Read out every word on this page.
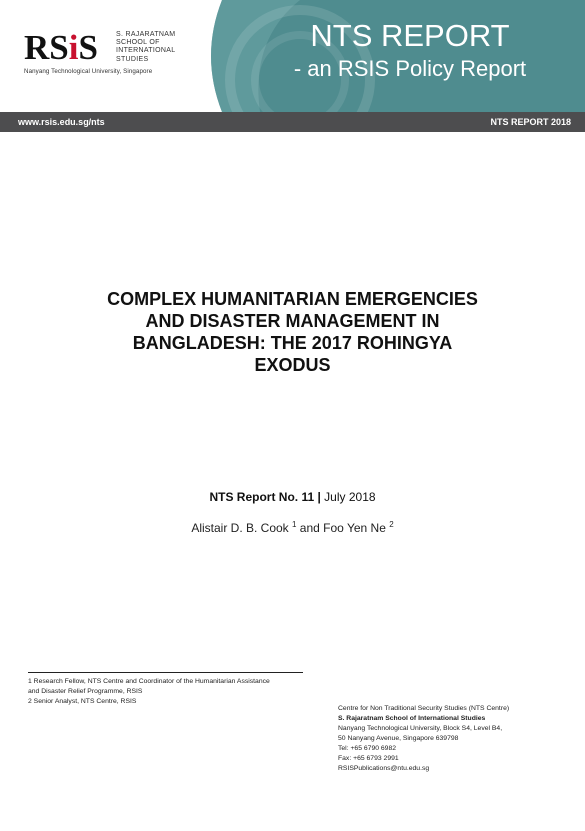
RSiS	S. RAJARATNAM
SCHOOL OF
INTERNATIONAL
STUDIES
Nanyang Technological University, Singapore
NTS REPORT
- an RSIS Policy Report
www.rsis.edu.sg/nts	NTS REPORT 2018
COMPLEX HUMANITARIAN EMERGENCIES
AND DISASTER MANAGEMENT IN
BANGLADESH: THE 2017 ROHINGYA
EXODUS
NTS Report No. 11 | July 2018
Alistair D. B. Cook $^1$ and Foo Yen Ne $^2$
1 Research Fellow, NTS Centre and Coordinator of the Humanitarian Assistance
and Disaster Relief Programme, RSIS
2 Senior Analyst, NTS Centre, RSIS
Centre for Non Traditional Security Studies (NTS Centre)
S. Rajaratnam School of International Studies
Nanyang Technological University, Block S4, Level B4,
50 Nanyang Avenue, Singapore 639798
Tel: +65 6790 6982
Fax: +65 6793 2991
RSISPublications@ntu.edu.sg
